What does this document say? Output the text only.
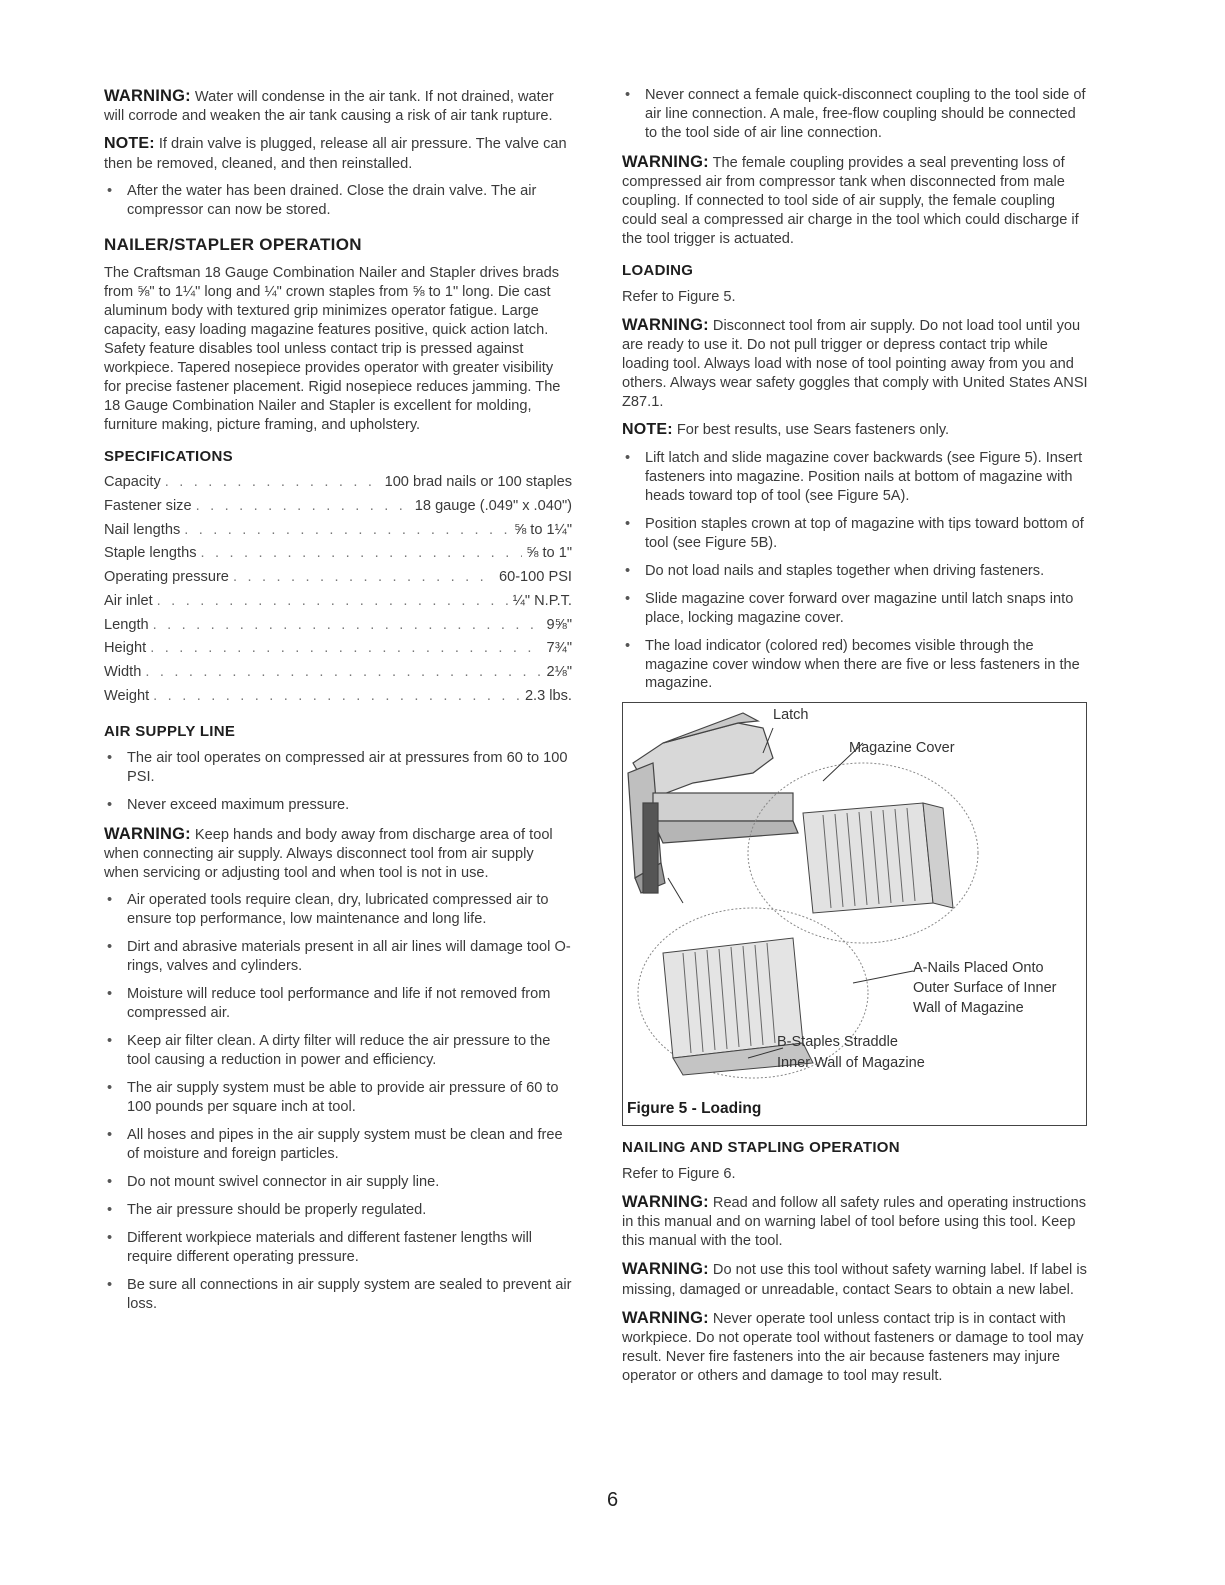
WARNING: Water will condense in the air tank. If not drained, water will corrode and weaken the air tank causing a risk of air tank rupture.

NOTE: If drain valve is plugged, release all air pressure. The valve can then be removed, cleaned, and then reinstalled.

• After the water has been drained. Close the drain valve. The air compressor can now be stored.
NAILER/STAPLER OPERATION

The Craftsman 18 Gauge Combination Nailer and Stapler drives brads from ⅝" to 1¼" long and ¼" crown staples from ⅝ to 1" long. Die cast aluminum body with textured grip minimizes operator fatigue. Large capacity, easy loading magazine features positive, quick action latch. Safety feature disables tool unless contact trip is pressed against workpiece. Tapered nosepiece provides operator with greater visibility for precise fastener placement. Rigid nosepiece reduces jamming. The 18 Gauge Combination Nailer and Stapler is excellent for molding, furniture making, picture framing, and upholstery.

SPECIFICATIONS
Capacity . . .	100 brad nails or 100 staples
Fastener size . . .	18 gauge (.049" x .040")
Nail lengths . . .	⅝ to 1¼"
Staple lengths . . .	⅝ to 1"
Operating pressure . . .	60-100 PSI
Air inlet . . .	¼" N.P.T.
Length . . .	9⅝"
Height . . .	7¾"
Width . . .	2⅛"
Weight . . .	2.3 lbs.
AIR SUPPLY LINE
• The air tool operates on compressed air at pressures from 60 to 100 PSI.
• Never exceed maximum pressure.

WARNING: Keep hands and body away from discharge area of tool when connecting air supply. Always disconnect tool from air supply when servicing or adjusting tool and when tool is not in use.

• Air operated tools require clean, dry, lubricated compressed air to ensure top performance, low maintenance and long life.
• Dirt and abrasive materials present in all air lines will damage tool O-rings, valves and cylinders.
• Moisture will reduce tool performance and life if not removed from compressed air.
• Keep air filter clean. A dirty filter will reduce the air pressure to the tool causing a reduction in power and efficiency.
• The air supply system must be able to provide air pressure of 60 to 100 pounds per square inch at tool.
• All hoses and pipes in the air supply system must be clean and free of moisture and foreign particles.
• Do not mount swivel connector in air supply line.
• The air pressure should be properly regulated.
• Different workpiece materials and different fastener lengths will require different operating pressure.
• Be sure all connections in air supply system are sealed to prevent air loss.
• Never connect a female quick-disconnect coupling to the tool side of air line connection. A male, free-flow coupling should be connected to the tool side of air line connection.

WARNING: The female coupling provides a seal preventing loss of compressed air from compressor tank when disconnected from male coupling. If connected to tool side of air supply, the female coupling could seal a compressed air charge in the tool which could discharge if the tool trigger is actuated.

LOADING

Refer to Figure 5.

WARNING: Disconnect tool from air supply. Do not load tool until you are ready to use it. Do not pull trigger or depress contact trip while loading tool. Always load with nose of tool pointing away from you and others. Always wear safety goggles that comply with United States ANSI Z87.1.

NOTE: For best results, use Sears fasteners only.

• Lift latch and slide magazine cover backwards (see Figure 5). Insert fasteners into magazine. Position nails at bottom of magazine with heads toward top of tool (see Figure 5A).
• Position staples crown at top of magazine with tips toward bottom of tool (see Figure 5B).
• Do not load nails and staples together when driving fasteners.
• Slide magazine cover forward over magazine until latch snaps into place, locking magazine cover.
• The load indicator (colored red) becomes visible through the magazine cover window when there are five or less fasteners in the magazine.
Latch
Magazine Cover
A-Nails Placed Onto
Outer Surface of Inner
Wall of Magazine
B-Staples Straddle
Inner Wall of Magazine
Figure 5 - Loading
NAILING AND STAPLING OPERATION

Refer to Figure 6.

WARNING: Read and follow all safety rules and operating instructions in this manual and on warning label of tool before using this tool. Keep this manual with the tool.

WARNING: Do not use this tool without safety warning label. If label is missing, damaged or unreadable, contact Sears to obtain a new label.

WARNING: Never operate tool unless contact trip is in contact with workpiece. Do not operate tool without fasteners or damage to tool may result. Never fire fasteners into the air because fasteners may injure operator or others and damage to tool may result.

6
